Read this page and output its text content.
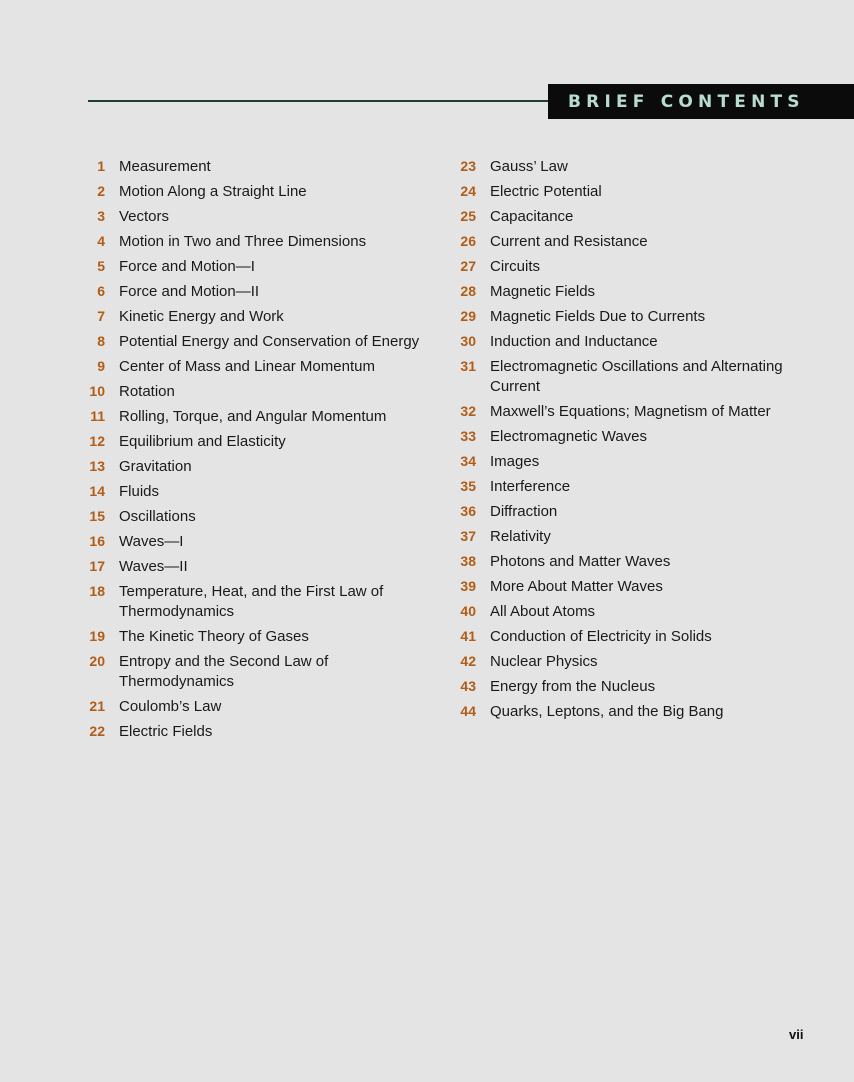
BRIEF CONTENTS
1 Measurement
2 Motion Along a Straight Line
3 Vectors
4 Motion in Two and Three Dimensions
5 Force and Motion—I
6 Force and Motion—II
7 Kinetic Energy and Work
8 Potential Energy and Conservation of Energy
9 Center of Mass and Linear Momentum
10 Rotation
11 Rolling, Torque, and Angular Momentum
12 Equilibrium and Elasticity
13 Gravitation
14 Fluids
15 Oscillations
16 Waves—I
17 Waves—II
18 Temperature, Heat, and the First Law of Thermodynamics
19 The Kinetic Theory of Gases
20 Entropy and the Second Law of Thermodynamics
21 Coulomb’s Law
22 Electric Fields
23 Gauss’ Law
24 Electric Potential
25 Capacitance
26 Current and Resistance
27 Circuits
28 Magnetic Fields
29 Magnetic Fields Due to Currents
30 Induction and Inductance
31 Electromagnetic Oscillations and Alternating Current
32 Maxwell’s Equations; Magnetism of Matter
33 Electromagnetic Waves
34 Images
35 Interference
36 Diffraction
37 Relativity
38 Photons and Matter Waves
39 More About Matter Waves
40 All About Atoms
41 Conduction of Electricity in Solids
42 Nuclear Physics
43 Energy from the Nucleus
44 Quarks, Leptons, and the Big Bang
vii
